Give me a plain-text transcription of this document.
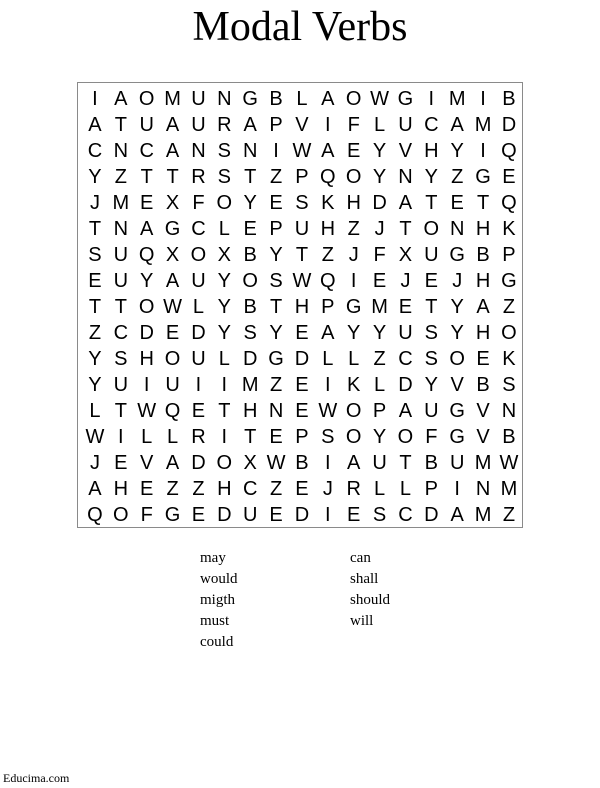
Modal Verbs
I A O M U N G B L A O W G I M I B
A T U A U R A P V I F L U C A M D
C N C A N S N I W A E Y V H Y I Q
Y Z T T R S T Z P Q O Y N Y Z G E
J M E X F O Y E S K H D A T E T Q
T N A G C L E P U H Z J T O N H K
S U Q X O X B Y T Z J F X U G B P
E U Y A U Y O S W Q I E J E J H G
T T O W L Y B T H P G M E T Y A Z
Z C D E D Y S Y E A Y Y U S Y H O
Y S H O U L D G D L L Z C S O E K
Y U I U I	I M Z E I K L D Y V B S
L T W Q E T H N E W O P A U G V N
W I L L R I T E P S O Y O F G V B
J E V A D O X W B I A U T B U M W
A H E Z Z H C Z E J R L L P I N M
Q O F G E D U E D I E S C D A M Z
may
would
migth
must
could
can
shall
should
will
Educima.com
